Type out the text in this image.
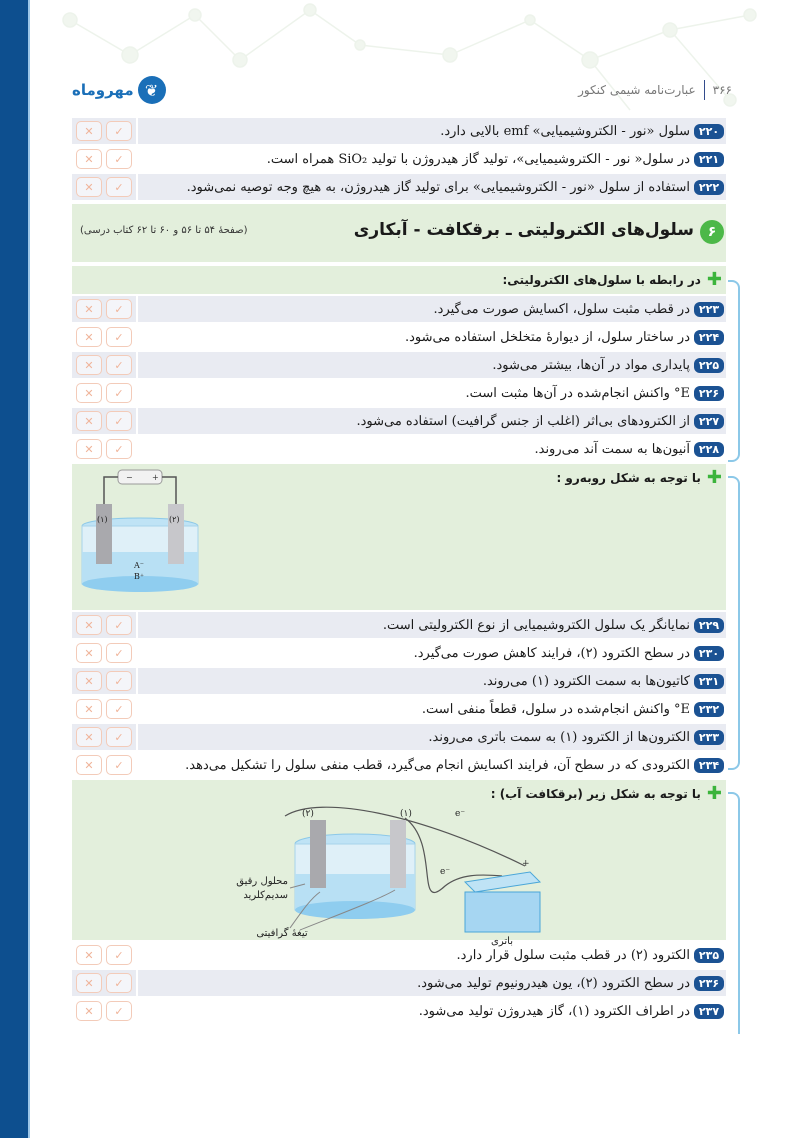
❦
مهروماه	۳۶۶
عبارت‌نامه شیمی کنکور
✕	✓	۲۲۰
سلول «نور - الکتروشیمیایی» emf بالایی دارد.
✕	✓	۲۲۱
در سلول« نور - الکتروشیمیایی»، تولید گاز هیدروژن با تولید SiO₂ همراه است.
✕	✓	۲۲۲
استفاده از سلول «نور - الکتروشیمیایی» برای تولید گاز هیدروژن، به هیچ وجه توصیه نمی‌شود.
۶
سلول‌های الکترولیتی ـ برقکافت - آبکاری
(صفحهٔ ۵۴ تا ۵۶ و ۶۰ تا ۶۲ کتاب درسی)
✚
در رابطه با سلول‌های الکترولیتی:
✕	✓	۲۲۳
در قطب مثبت سلول، اکسایش صورت می‌گیرد.
✕	✓	۲۲۴
در ساختار سلول، از دیوارهٔ متخلخل استفاده می‌شود.
✕	✓	۲۲۵
پایداری مواد در آن‌ها، بیشتر می‌شود.
✕	✓	۲۲۶
E° واکنش انجام‌شده در آن‌ها مثبت است.
✕	✓	۲۲۷
از الکترودهای بی‌اثر (اغلب از جنس گرافیت) استفاده می‌شود.
✕	✓	۲۲۸
آنیون‌ها به سمت آند می‌روند.
✚
با توجه به شکل روبه‌رو :
− +
(۱)	(۲)
A⁻
B⁺
✕	✓	۲۲۹
نمایانگر یک سلول الکتروشیمیایی از نوع الکترولیتی است.
✕	✓	۲۳۰
در سطح الکترود (۲)، فرایند کاهش صورت می‌گیرد.
✕	✓	۲۳۱
کاتیون‌ها به سمت الکترود (۱) می‌روند.
✕	✓	۲۳۲
E° واکنش انجام‌شده در سلول، قطعاً منفی است.
✕	✓	۲۳۳
الکترون‌ها از الکترود (۱) به سمت باتری می‌روند.
✕	✓	۲۳۴
الکترودی که در سطح آن، فرایند اکسایش انجام می‌گیرد، قطب منفی سلول را تشکیل می‌دهد.
✚
با توجه به شکل زیر (برقکافت آب) :
(۲)	(۱)	e⁻
e⁻
+
باتری
محلول رقیق
سدیم‌کلرید
تیغهٔ گرافیتی
✕	✓	۲۳۵
الکترود (۲) در قطب مثبت سلول قرار دارد.
✕	✓	۲۳۶
در سطح الکترود (۲)، یون هیدرونیوم تولید می‌شود.
✕	✓	۲۳۷
در اطراف الکترود (۱)، گاز هیدروژن تولید می‌شود.
